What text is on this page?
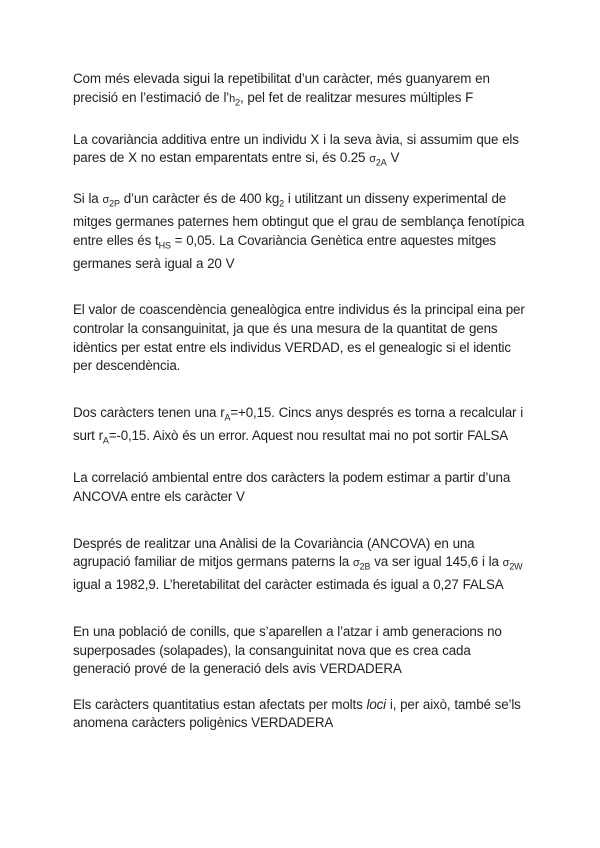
Com més elevada sigui la repetibilitat d’un caràcter, més guanyarem en precisió en l’estimació de $l’h_2$, pel fet de realitzar mesures múltiples F

La covariància additiva entre un individu X i la seva àvia, si assumim que els pares de X no estan emparentats entre si, és 0.25 $\sigma_{2A}$ V

Si la $\sigma_{2P}$ d’un caràcter és de 400 $kg_2$ i utilitzant un disseny experimental de mitges germanes paternes hem obtingut que el grau de semblança fenotípica entre elles és $t_{HS} = 0,05$. La Covariància Genètica entre aquestes mitges germanes serà igual a 20 V

El valor de coascendència genealògica entre individus és la principal eina per controlar la consanguinitat, ja que és una mesura de la quantitat de gens idèntics per estat entre els individus VERDAD, es el genealogic si el identic per descendència.

Dos caràcters tenen una $r_A=+0,15$. Cincs anys després es torna a recalcular i surt $r_A=-0,15$. Això és un error. Aquest nou resultat mai no pot sortir FALSA

La correlació ambiental entre dos caràcters la podem estimar a partir d’una ANCOVA entre els caràcter V

Després de realitzar una Anàlisi de la Covariància (ANCOVA) en una agrupació familiar de mitjos germans paterns la $\sigma_{2B}$ va ser igual 145,6 i la $\sigma_{2W}$ igual a 1982,9. L’heretabilitat del caràcter estimada és igual a 0,27 FALSA

En una població de conills, que s’aparellen a l’atzar i amb generacions no superposades (solapades), la consanguinitat nova que es crea cada generació prové de la generació dels avis VERDADERA

Els caràcters quantitatius estan afectats per molts loci i, per això, també se’ls anomena caràcters poligènics VERDADERA
